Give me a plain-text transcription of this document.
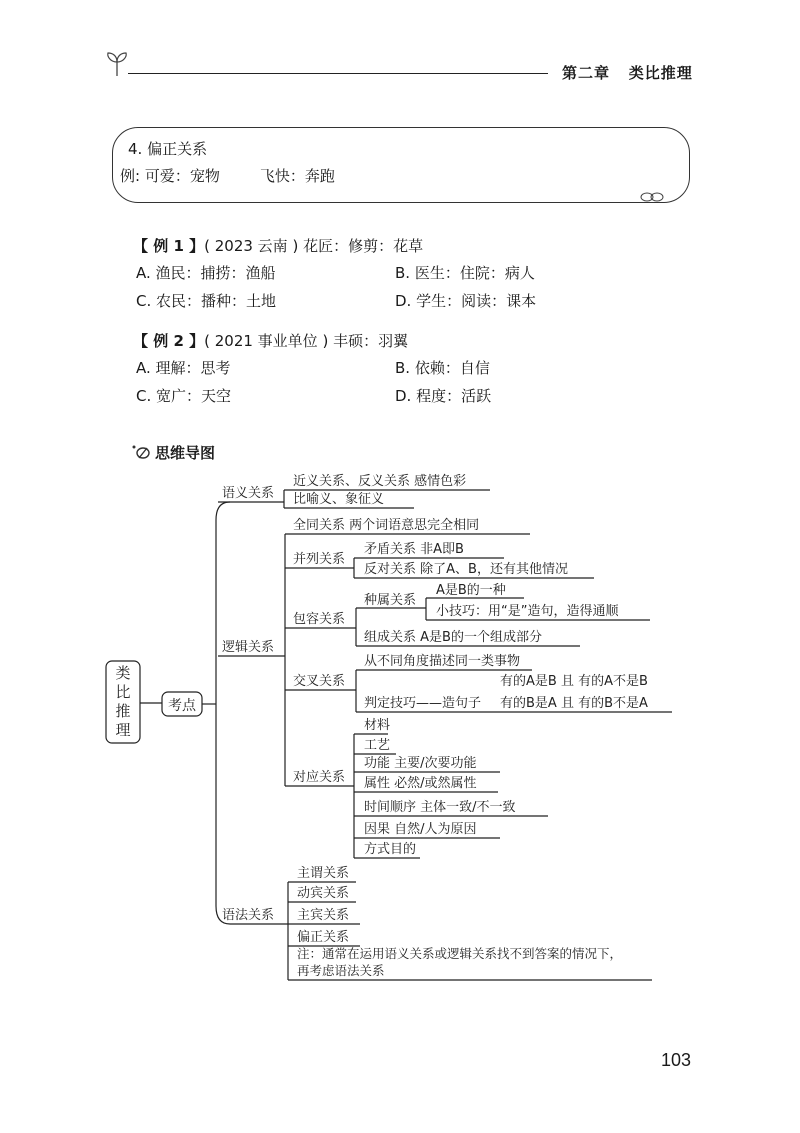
第二章 类比推理
4. 偏正关系
例: 可爱：宠物	飞快：奔跑
【 例 1 】( 2023 云南 ) 花匠：修剪：花草
A. 渔民：捕捞：渔船	B. 医生：住院：病人
C. 农民：播种：土地	D. 学生：阅读：课本
【 例 2 】( 2021 事业单位 ) 丰硕：羽翼
A. 理解：思考	B. 依赖：自信
C. 宽广：天空	D. 程度：活跃
思维导图
类
比
推
理
考点
语义关系
近义关系、反义关系 感情色彩
比喻义、象征义
逻辑关系
全同关系 两个词语意思完全相同
并列关系
矛盾关系 非A即B
反对关系 除了A、B，还有其他情况
包容关系
种属关系
A是B的一种
小技巧：用“是”造句，造得通顺
组成关系 A是B的一个组成部分
交叉关系
从不同角度描述同一类事物
判定技巧——造句子
有的A是B 且 有的A不是B
有的B是A 且 有的B不是A
对应关系
材料
工艺
功能 主要/次要功能
属性 必然/或然属性
时间顺序 主体一致/不一致
因果 自然/人为原因
方式目的
语法关系
主谓关系
动宾关系
主宾关系
偏正关系
注：通常在运用语义关系或逻辑关系找不到答案的情况下，
再考虑语法关系
103
